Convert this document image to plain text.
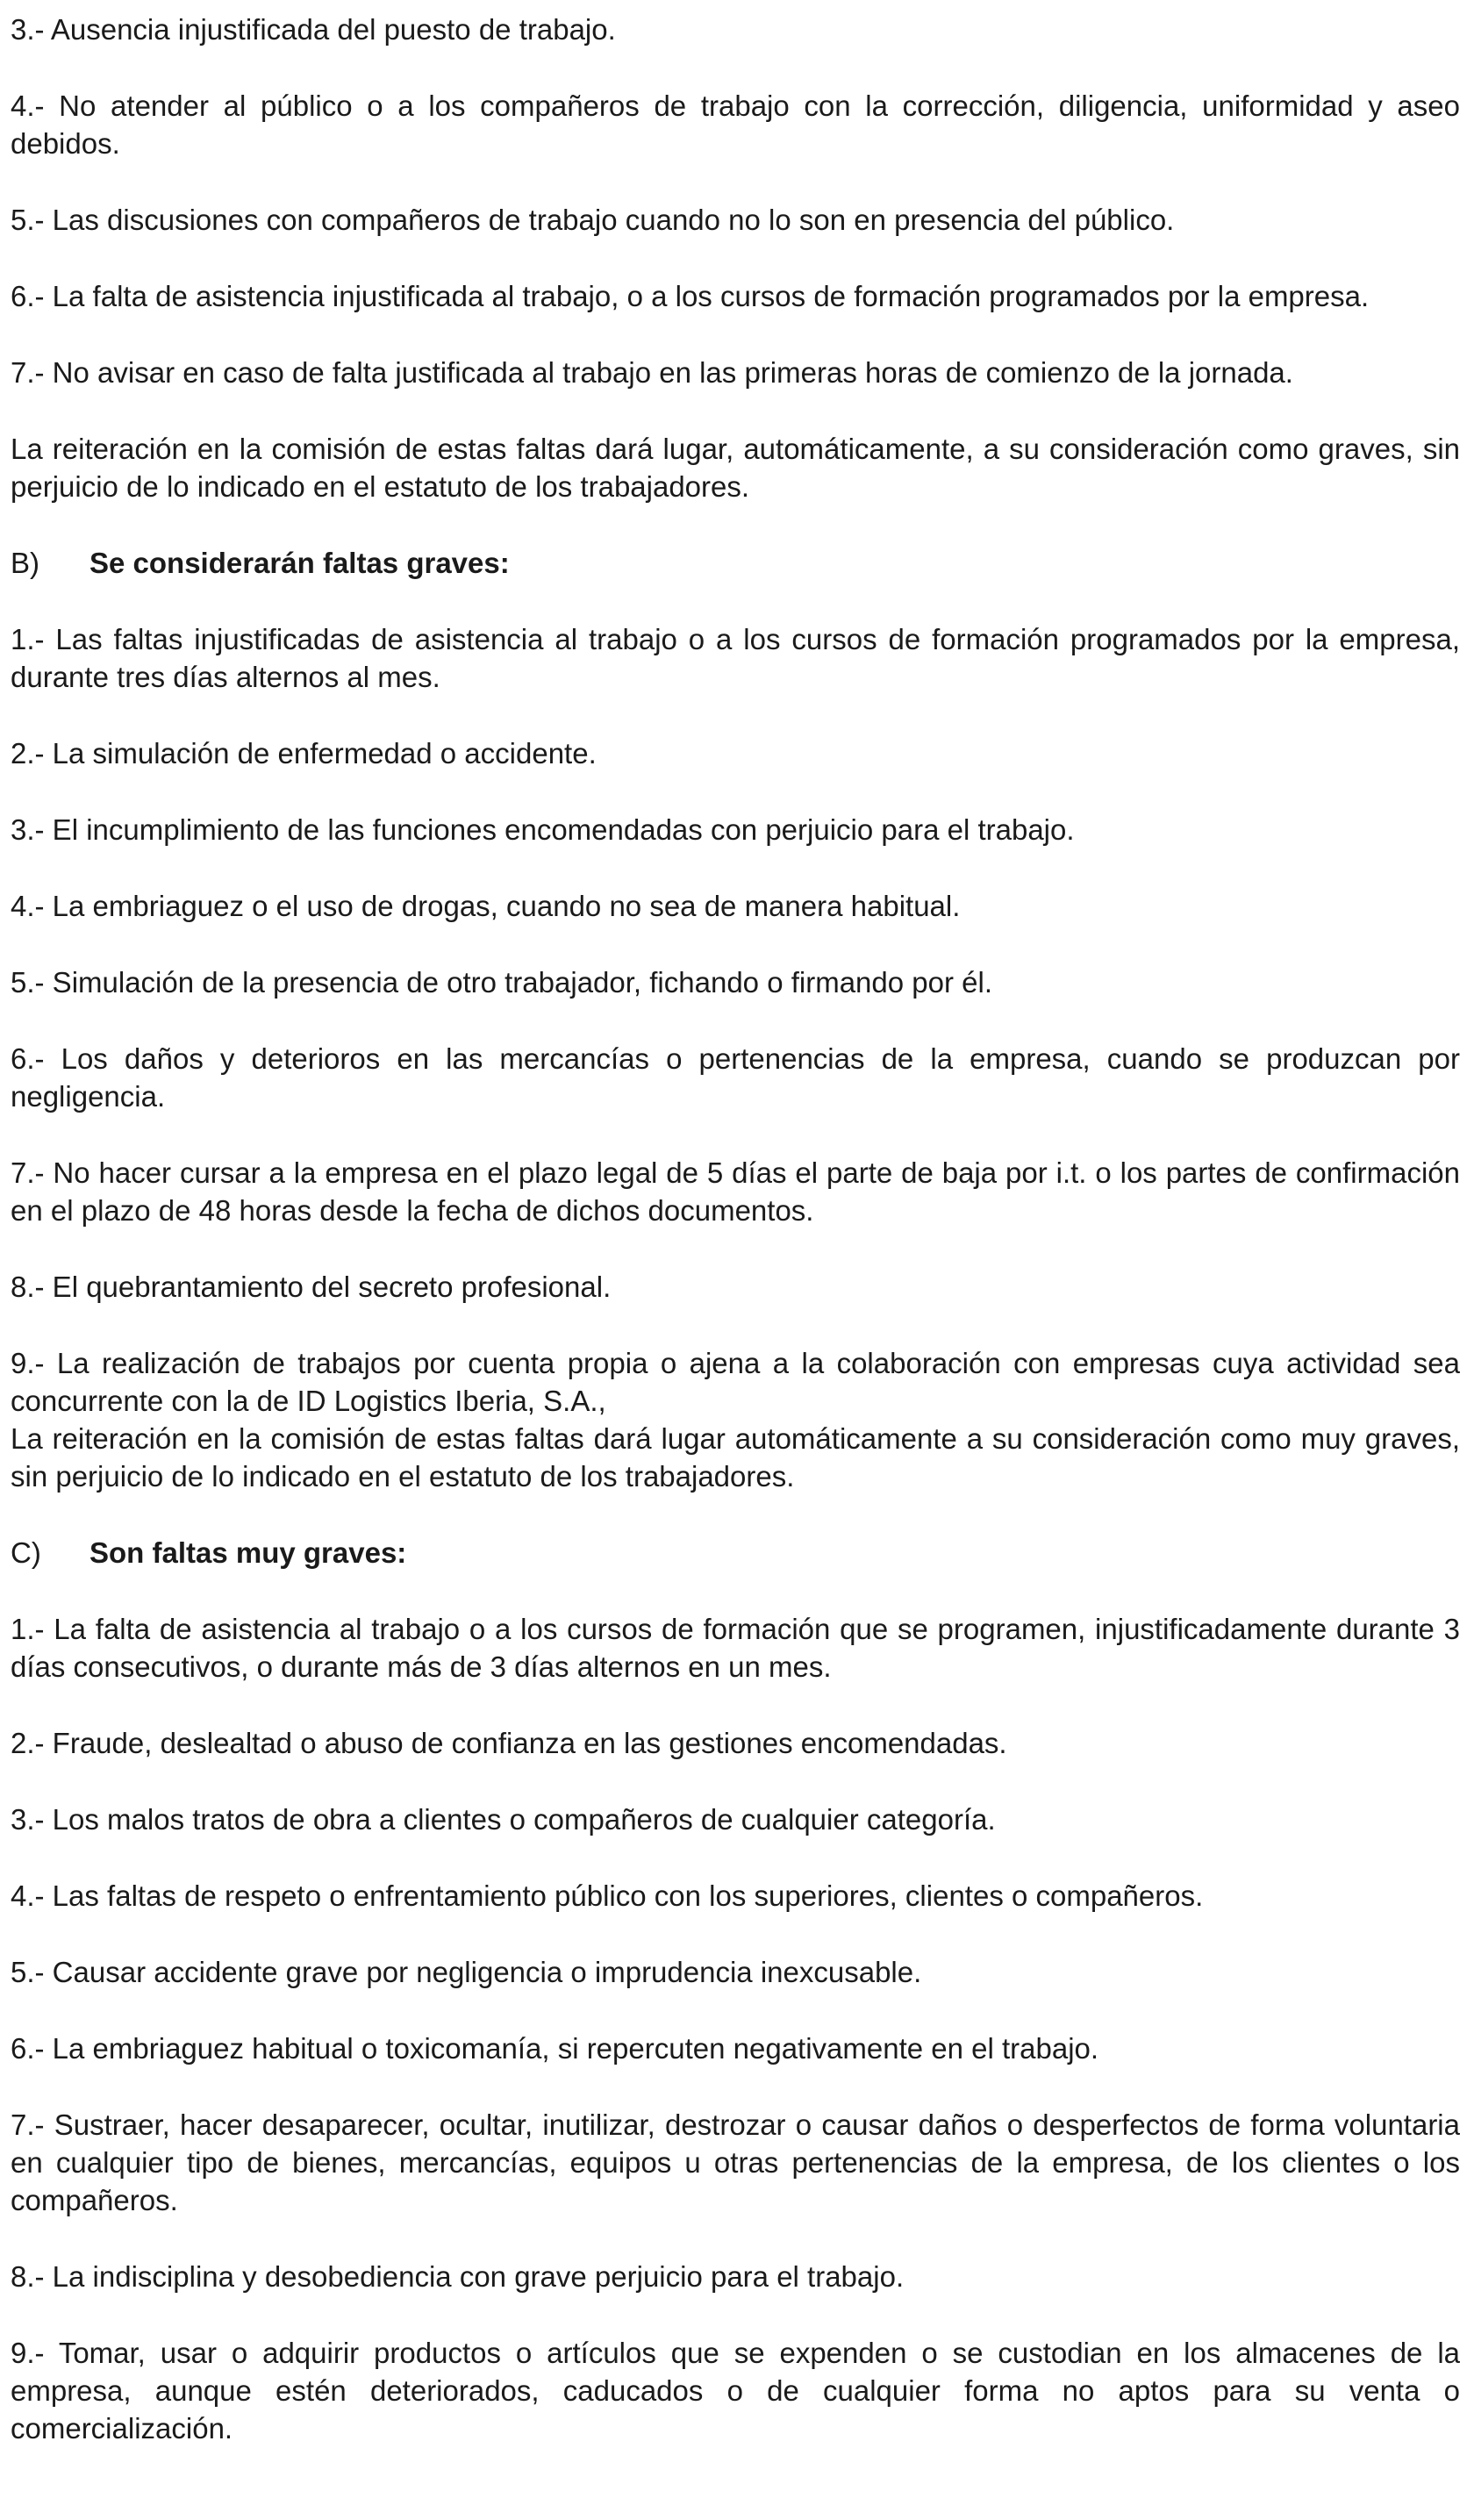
3.- Ausencia injustificada del puesto de trabajo.

4.- No atender al público o a los compañeros de trabajo con la corrección, diligencia, uniformidad y aseo debidos.

5.- Las discusiones con compañeros de trabajo cuando no lo son en presencia del público.

6.- La falta de asistencia injustificada al trabajo, o a los cursos de formación programados por la empresa.

7.- No avisar en caso de falta justificada al trabajo en las primeras horas de comienzo de la jornada.

La reiteración en la comisión de estas faltas dará lugar, automáticamente, a su consideración como graves, sin perjuicio de lo indicado en el estatuto de los trabajadores.

B)	Se considerarán faltas graves:

1.- Las faltas injustificadas de asistencia al trabajo o a los cursos de formación programados por la empresa, durante tres días alternos al mes.

2.- La simulación de enfermedad o accidente.

3.- El incumplimiento de las funciones encomendadas con perjuicio para el trabajo.

4.- La embriaguez o el uso de drogas, cuando no sea de manera habitual.

5.- Simulación de la presencia de otro trabajador, fichando o firmando por él.

6.- Los daños y deterioros en las mercancías o pertenencias de la empresa, cuando se produzcan por negligencia.

7.- No hacer cursar a la empresa en el plazo legal de 5 días el parte de baja por i.t. o los partes de confirmación en el plazo de 48 horas desde la fecha de dichos documentos.

8.- El quebrantamiento del secreto profesional.

9.- La realización de trabajos por cuenta propia o ajena a la colaboración con empresas cuya actividad sea concurrente con la de ID Logistics Iberia, S.A.,

La reiteración en la comisión de estas faltas dará lugar automáticamente a su consideración como muy graves, sin perjuicio de lo indicado en el estatuto de los trabajadores.

C)	Son faltas muy graves:

1.- La falta de asistencia al trabajo o a los cursos de formación que se programen, injustificadamente durante 3 días consecutivos, o durante más de 3 días alternos en un mes.

2.- Fraude, deslealtad o abuso de confianza en las gestiones encomendadas.

3.- Los malos tratos de obra a clientes o compañeros de cualquier categoría.

4.- Las faltas de respeto o enfrentamiento público con los superiores, clientes o compañeros.

5.- Causar accidente grave por negligencia o imprudencia inexcusable.

6.- La embriaguez habitual o toxicomanía, si repercuten negativamente en el trabajo.

7.- Sustraer, hacer desaparecer, ocultar, inutilizar, destrozar o causar daños o desperfectos de forma voluntaria en cualquier tipo de bienes, mercancías, equipos u otras pertenencias de la empresa, de los clientes o los compañeros.

8.- La indisciplina y desobediencia con grave perjuicio para el trabajo.

9.- Tomar, usar o adquirir productos o artículos que se expenden o se custodian en los almacenes de la empresa, aunque estén deteriorados, caducados o de cualquier forma no aptos para su venta o comercialización.
